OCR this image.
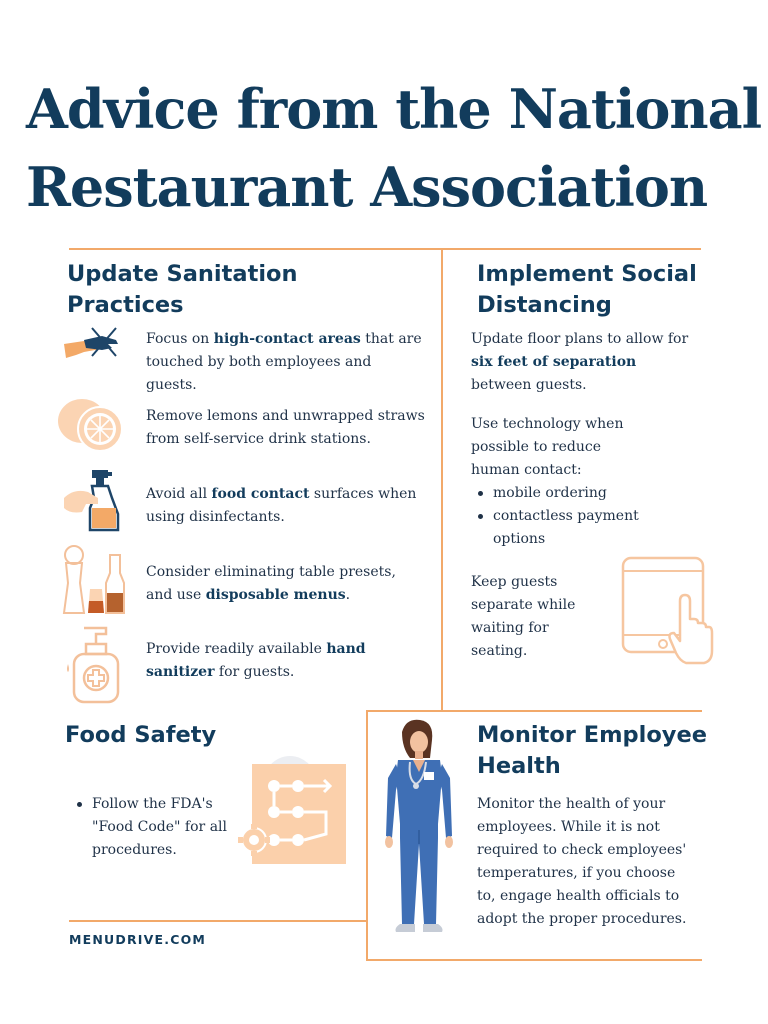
Advice from the National
Restaurant Association
Update Sanitation
Practices
Focus on high-contact areas that are touched by both employees and guests.
Remove lemons and unwrapped straws from self-service drink stations.
Avoid all food contact surfaces when using disinfectants.
Consider eliminating table presets, and use disposable menus.
Provide readily available hand sanitizer for guests.
Implement Social
Distancing
Update floor plans to allow for six feet of separation between guests.
Use technology when possible to reduce human contact:
mobile ordering
contactless payment options
Keep guests separate while waiting for seating.
Food Safety
Follow the FDA's "Food Code" for all procedures.
MENUDRIVE.COM
Monitor Employee
Health
Monitor the health of your employees. While it is not required to check employees' temperatures, if you choose to, engage health officials to adopt the proper procedures.
